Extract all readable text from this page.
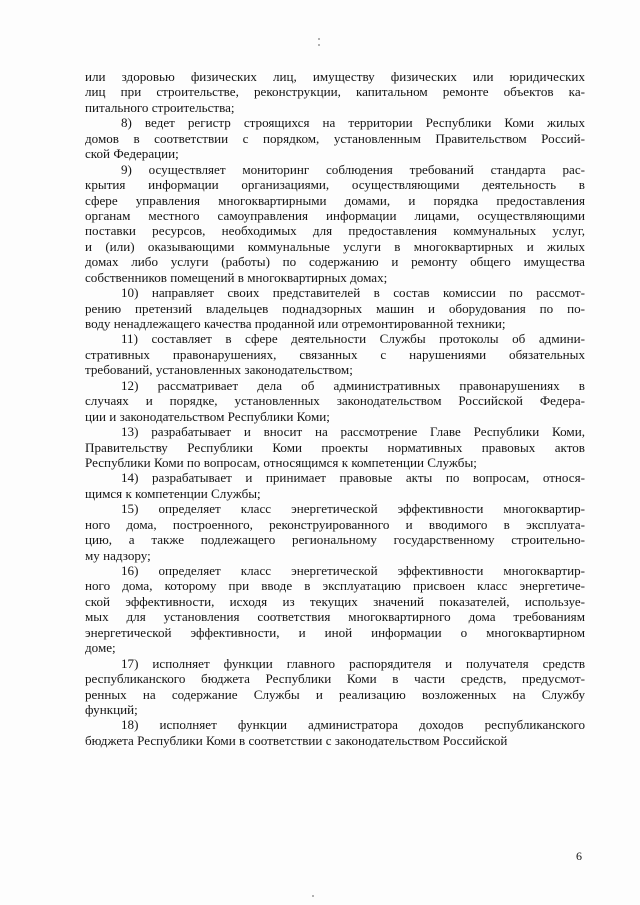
или здоровью физических лиц, имуществу физических или юридических
лиц при строительстве, реконструкции, капитальном ремонте объектов ка-
питального строительства;
8) ведет регистр строящихся на территории Республики Коми жилых
домов в соответствии с порядком, установленным Правительством Россий-
ской Федерации;
9) осуществляет мониторинг соблюдения требований стандарта рас-
крытия информации организациями, осуществляющими деятельность в
сфере управления многоквартирными домами, и порядка предоставления
органам местного самоуправления информации лицами, осуществляющими
поставки ресурсов, необходимых для предоставления коммунальных услуг,
и (или) оказывающими коммунальные услуги в многоквартирных и жилых
домах либо услуги (работы) по содержанию и ремонту общего имущества
собственников помещений в многоквартирных домах;
10) направляет своих представителей в состав комиссии по рассмот-
рению претензий владельцев поднадзорных машин и оборудования по по-
воду ненадлежащего качества проданной или отремонтированной техники;
11) составляет в сфере деятельности Службы протоколы об админи-
стративных правонарушениях, связанных с нарушениями обязательных
требований, установленных законодательством;
12) рассматривает дела об административных правонарушениях в
случаях и порядке, установленных законодательством Российской Федера-
ции и законодательством Республики Коми;
13) разрабатывает и вносит на рассмотрение Главе Республики Коми,
Правительству Республики Коми проекты нормативных правовых актов
Республики Коми по вопросам, относящимся к компетенции Службы;
14) разрабатывает и принимает правовые акты по вопросам, относя-
щимся к компетенции Службы;
15) определяет класс энергетической эффективности многоквартир-
ного дома, построенного, реконструированного и вводимого в эксплуата-
цию, а также подлежащего региональному государственному строительно-
му надзору;
16) определяет класс энергетической эффективности многоквартир-
ного дома, которому при вводе в эксплуатацию присвоен класс энергетиче-
ской эффективности, исходя из текущих значений показателей, используе-
мых для установления соответствия многоквартирного дома требованиям
энергетической эффективности, и иной информации о многоквартирном
доме;
17) исполняет функции главного распорядителя и получателя средств
республиканского бюджета Республики Коми в части средств, предусмот-
ренных на содержание Службы и реализацию возложенных на Службу
функций;
18) исполняет функции администратора доходов республиканского
бюджета Республики Коми в соответствии с законодательством Российской
6
